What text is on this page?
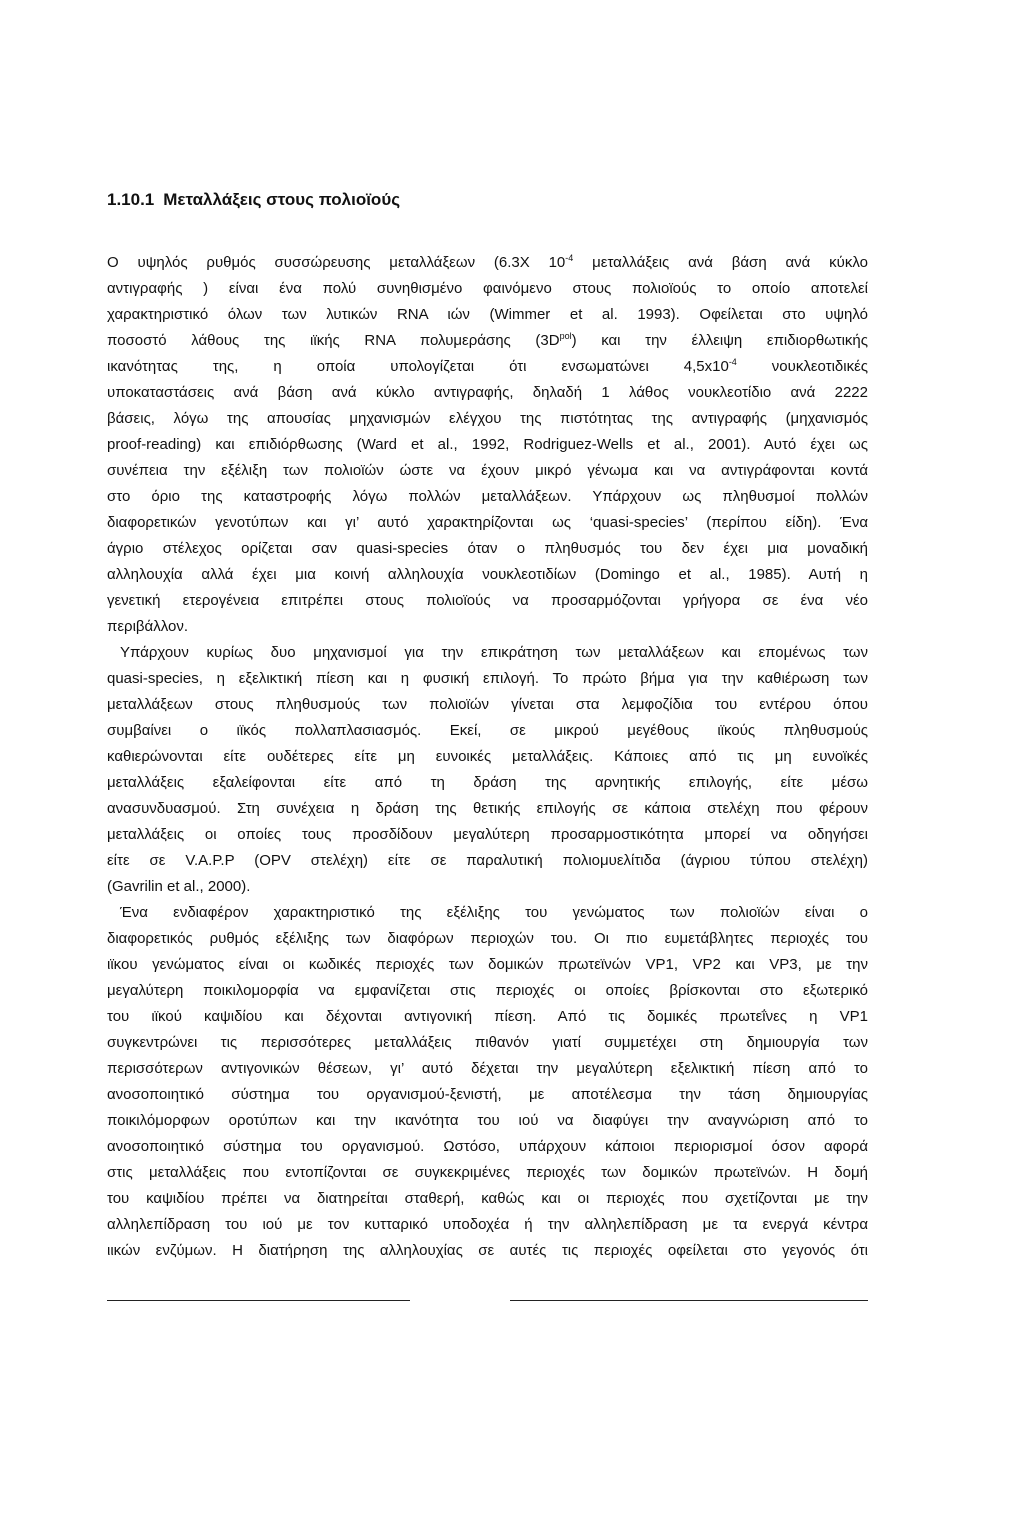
1.10.1 Μεταλλάξεις στους πολιοϊούς
Ο υψηλός ρυθμός συσσώρευσης μεταλλάξεων (6.3X $10^{-4}$ μεταλλάξεις ανά βάση ανά κύκλο
αντιγραφής ) είναι ένα πολύ συνηθισμένο φαινόμενο στους πολιοϊούς το οποίο αποτελεί
χαρακτηριστικό όλων των λυτικών RNA ιών (Wimmer et al. 1993). Οφείλεται στο υψηλό
ποσοστό λάθους της ιϊκής RNA πολυμεράσης $(3D^{pol})$ και την έλλειψη επιδιορθωτικής
ικανότητας της, η οποία υπολογίζεται ότι ενσωματώνει $4,5x10^{-4}$ νουκλεοτιδικές
υποκαταστάσεις ανά βάση ανά κύκλο αντιγραφής, δηλαδή 1 λάθος νουκλεοτίδιο ανά 2222
βάσεις, λόγω της απουσίας μηχανισμών ελέγχου της πιστότητας της αντιγραφής (μηχανισμός
proof-reading) και επιδιόρθωσης (Ward et al., 1992, Rodriguez-Wells et al., 2001). Αυτό έχει ως
συνέπεια την εξέλιξη των πολιοϊών ώστε να έχουν μικρό γένωμα και να αντιγράφονται κοντά
στο όριο της καταστροφής λόγω πολλών μεταλλάξεων. Υπάρχουν ως πληθυσμοί πολλών
διαφορετικών γενοτύπων και γι’ αυτό χαρακτηρίζονται ως ‘quasi-species’ (περίπου είδη). Ένα
άγριο στέλεχος ορίζεται σαν quasi-species όταν ο πληθυσμός του δεν έχει μια μοναδική
αλληλουχία αλλά έχει μια κοινή αλληλουχία νουκλεοτιδίων (Domingo et al., 1985). Αυτή η
γενετική ετερογένεια επιτρέπει στους πολιοϊούς να προσαρμόζονται γρήγορα σε ένα νέο
περιβάλλον.
Υπάρχουν κυρίως δυο μηχανισμοί για την επικράτηση των μεταλλάξεων και επομένως των
quasi-species, η εξελικτική πίεση και η φυσική επιλογή. Το πρώτο βήμα για την καθιέρωση των
μεταλλάξεων στους πληθυσμούς των πολιοϊών γίνεται στα λεμφοζίδια του εντέρου όπου
συμβαίνει ο ιϊκός πολλαπλασιασμός. Εκεί, σε μικρού μεγέθους ιϊκούς πληθυσμούς
καθιερώνονται είτε ουδέτερες είτε μη ευνοικές μεταλλάξεις. Κάποιες από τις μη ευνοϊκές
μεταλλάξεις εξαλείφονται είτε από τη δράση της αρνητικής επιλογής, είτε μέσω
ανασυνδυασμού. Στη συνέχεια η δράση της θετικής επιλογής σε κάποια στελέχη που φέρουν
μεταλλάξεις οι οποίες τους προσδίδουν μεγαλύτερη προσαρμοστικότητα μπορεί να οδηγήσει
είτε σε V.A.P.P (OPV στελέχη) είτε σε παραλυτική πολιομυελίτιδα (άγριου τύπου στελέχη)
(Gavrilin et al., 2000).
Ένα ενδιαφέρον χαρακτηριστικό της εξέλιξης του γενώματος των πολιοϊών είναι ο
διαφορετικός ρυθμός εξέλιξης των διαφόρων περιοχών του. Οι πιο ευμετάβλητες περιοχές του
ιϊκου γενώματος είναι οι κωδικές περιοχές των δομικών πρωτεϊνών VP1, VP2 και VP3, με την
μεγαλύτερη ποικιλομορφία να εμφανίζεται στις περιοχές οι οποίες βρίσκονται στο εξωτερικό
του ιϊκού καψιδίου και δέχονται αντιγονική πίεση. Από τις δομικές πρωτεΐνες η VP1
συγκεντρώνει τις περισσότερες μεταλλάξεις πιθανόν γιατί συμμετέχει στη δημιουργία των
περισσότερων αντιγονικών θέσεων, γι’ αυτό δέχεται την μεγαλύτερη εξελικτική πίεση από το
ανοσοποιητικό σύστημα του οργανισμού-ξενιστή, με αποτέλεσμα την τάση δημιουργίας
ποικιλόμορφων οροτύπων και την ικανότητα του ιού να διαφύγει την αναγνώριση από το
ανοσοποιητικό σύστημα του οργανισμού. Ωστόσο, υπάρχουν κάποιοι περιορισμοί όσον αφορά
στις μεταλλάξεις που εντοπίζονται σε συγκεκριμένες περιοχές των δομικών πρωτεϊνών. Η δομή
του καψιδίου πρέπει να διατηρείται σταθερή, καθώς και οι περιοχές που σχετίζονται με την
αλληλεπίδραση του ιού με τον κυτταρικό υποδοχέα ή την αλληλεπίδραση με τα ενεργά κέντρα
ιικών ενζύμων. Η διατήρηση της αλληλουχίας σε αυτές τις περιοχές οφείλεται στο γεγονός ότι
